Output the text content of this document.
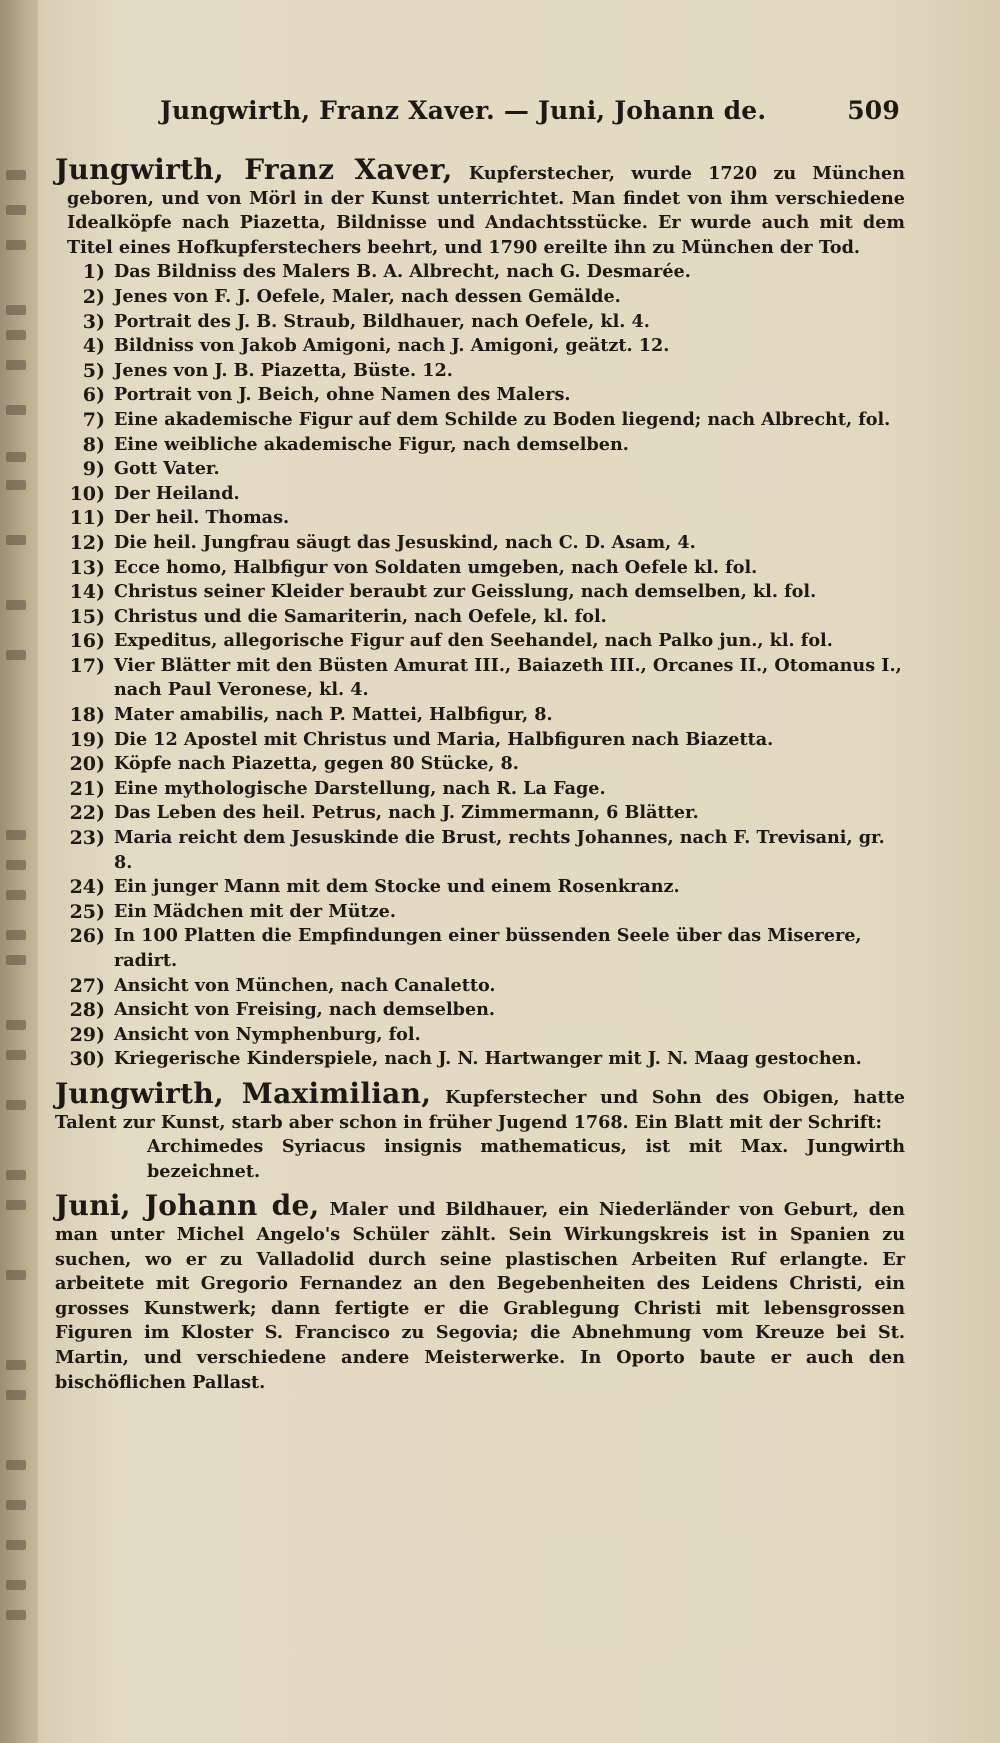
Jungwirth, Franz Xaver. — Juni, Johann de.	509
Jungwirth, Franz Xaver, Kupferstecher, wurde 1720 zu München geboren, und von Mörl in der Kunst unterrichtet. Man findet von ihm verschiedene Idealköpfe nach Piazetta, Bildnisse und Andachtsstücke. Er wurde auch mit dem Titel eines Hofkupferstechers beehrt, und 1790 ereilte ihn zu München der Tod.
1) Das Bildniss des Malers B. A. Albrecht, nach G. Desmarée.
2) Jenes von F. J. Oefele, Maler, nach dessen Gemälde.
3) Portrait des J. B. Straub, Bildhauer, nach Oefele, kl. 4.
4) Bildniss von Jakob Amigoni, nach J. Amigoni, geätzt. 12.
5) Jenes von J. B. Piazetta, Büste. 12.
6) Portrait von J. Beich, ohne Namen des Malers.
7) Eine akademische Figur auf dem Schilde zu Boden liegend; nach Albrecht, fol.
8) Eine weibliche akademische Figur, nach demselben.
9) Gott Vater.
10) Der Heiland.
11) Der heil. Thomas.
12) Die heil. Jungfrau säugt das Jesuskind, nach C. D. Asam, 4.
13) Ecce homo, Halbfigur von Soldaten umgeben, nach Oefele kl. fol.
14) Christus seiner Kleider beraubt zur Geisslung, nach demselben, kl. fol.
15) Christus und die Samariterin, nach Oefele, kl. fol.
16) Expeditus, allegorische Figur auf den Seehandel, nach Palko jun., kl. fol.
17) Vier Blätter mit den Büsten Amurat III., Baiazeth III., Orcanes II., Otomanus I., nach Paul Veronese, kl. 4.
18) Mater amabilis, nach P. Mattei, Halbfigur, 8.
19) Die 12 Apostel mit Christus und Maria, Halbfiguren nach Biazetta.
20) Köpfe nach Piazetta, gegen 80 Stücke, 8.
21) Eine mythologische Darstellung, nach R. La Fage.
22) Das Leben des heil. Petrus, nach J. Zimmermann, 6 Blätter.
23) Maria reicht dem Jesuskinde die Brust, rechts Johannes, nach F. Trevisani, gr. 8.
24) Ein junger Mann mit dem Stocke und einem Rosenkranz.
25) Ein Mädchen mit der Mütze.
26) In 100 Platten die Empfindungen einer büssenden Seele über das Miserere, radirt.
27) Ansicht von München, nach Canaletto.
28) Ansicht von Freising, nach demselben.
29) Ansicht von Nymphenburg, fol.
30) Kriegerische Kinderspiele, nach J. N. Hartwanger mit J. N. Maag gestochen.
Jungwirth, Maximilian, Kupferstecher und Sohn des Obigen, hatte Talent zur Kunst, starb aber schon in früher Jugend 1768. Ein Blatt mit der Schrift:
Archimedes Syriacus insignis mathematicus, ist mit Max. Jungwirth bezeichnet.
Juni, Johann de, Maler und Bildhauer, ein Niederländer von Geburt, den man unter Michel Angelo's Schüler zählt. Sein Wirkungskreis ist in Spanien zu suchen, wo er zu Valladolid durch seine plastischen Arbeiten Ruf erlangte. Er arbeitete mit Gregorio Fernandez an den Begebenheiten des Leidens Christi, ein grosses Kunstwerk; dann fertigte er die Grablegung Christi mit lebensgrossen Figuren im Kloster S. Francisco zu Segovia; die Abnehmung vom Kreuze bei St. Martin, und verschiedene andere Meisterwerke. In Oporto baute er auch den bischöflichen Pallast.
